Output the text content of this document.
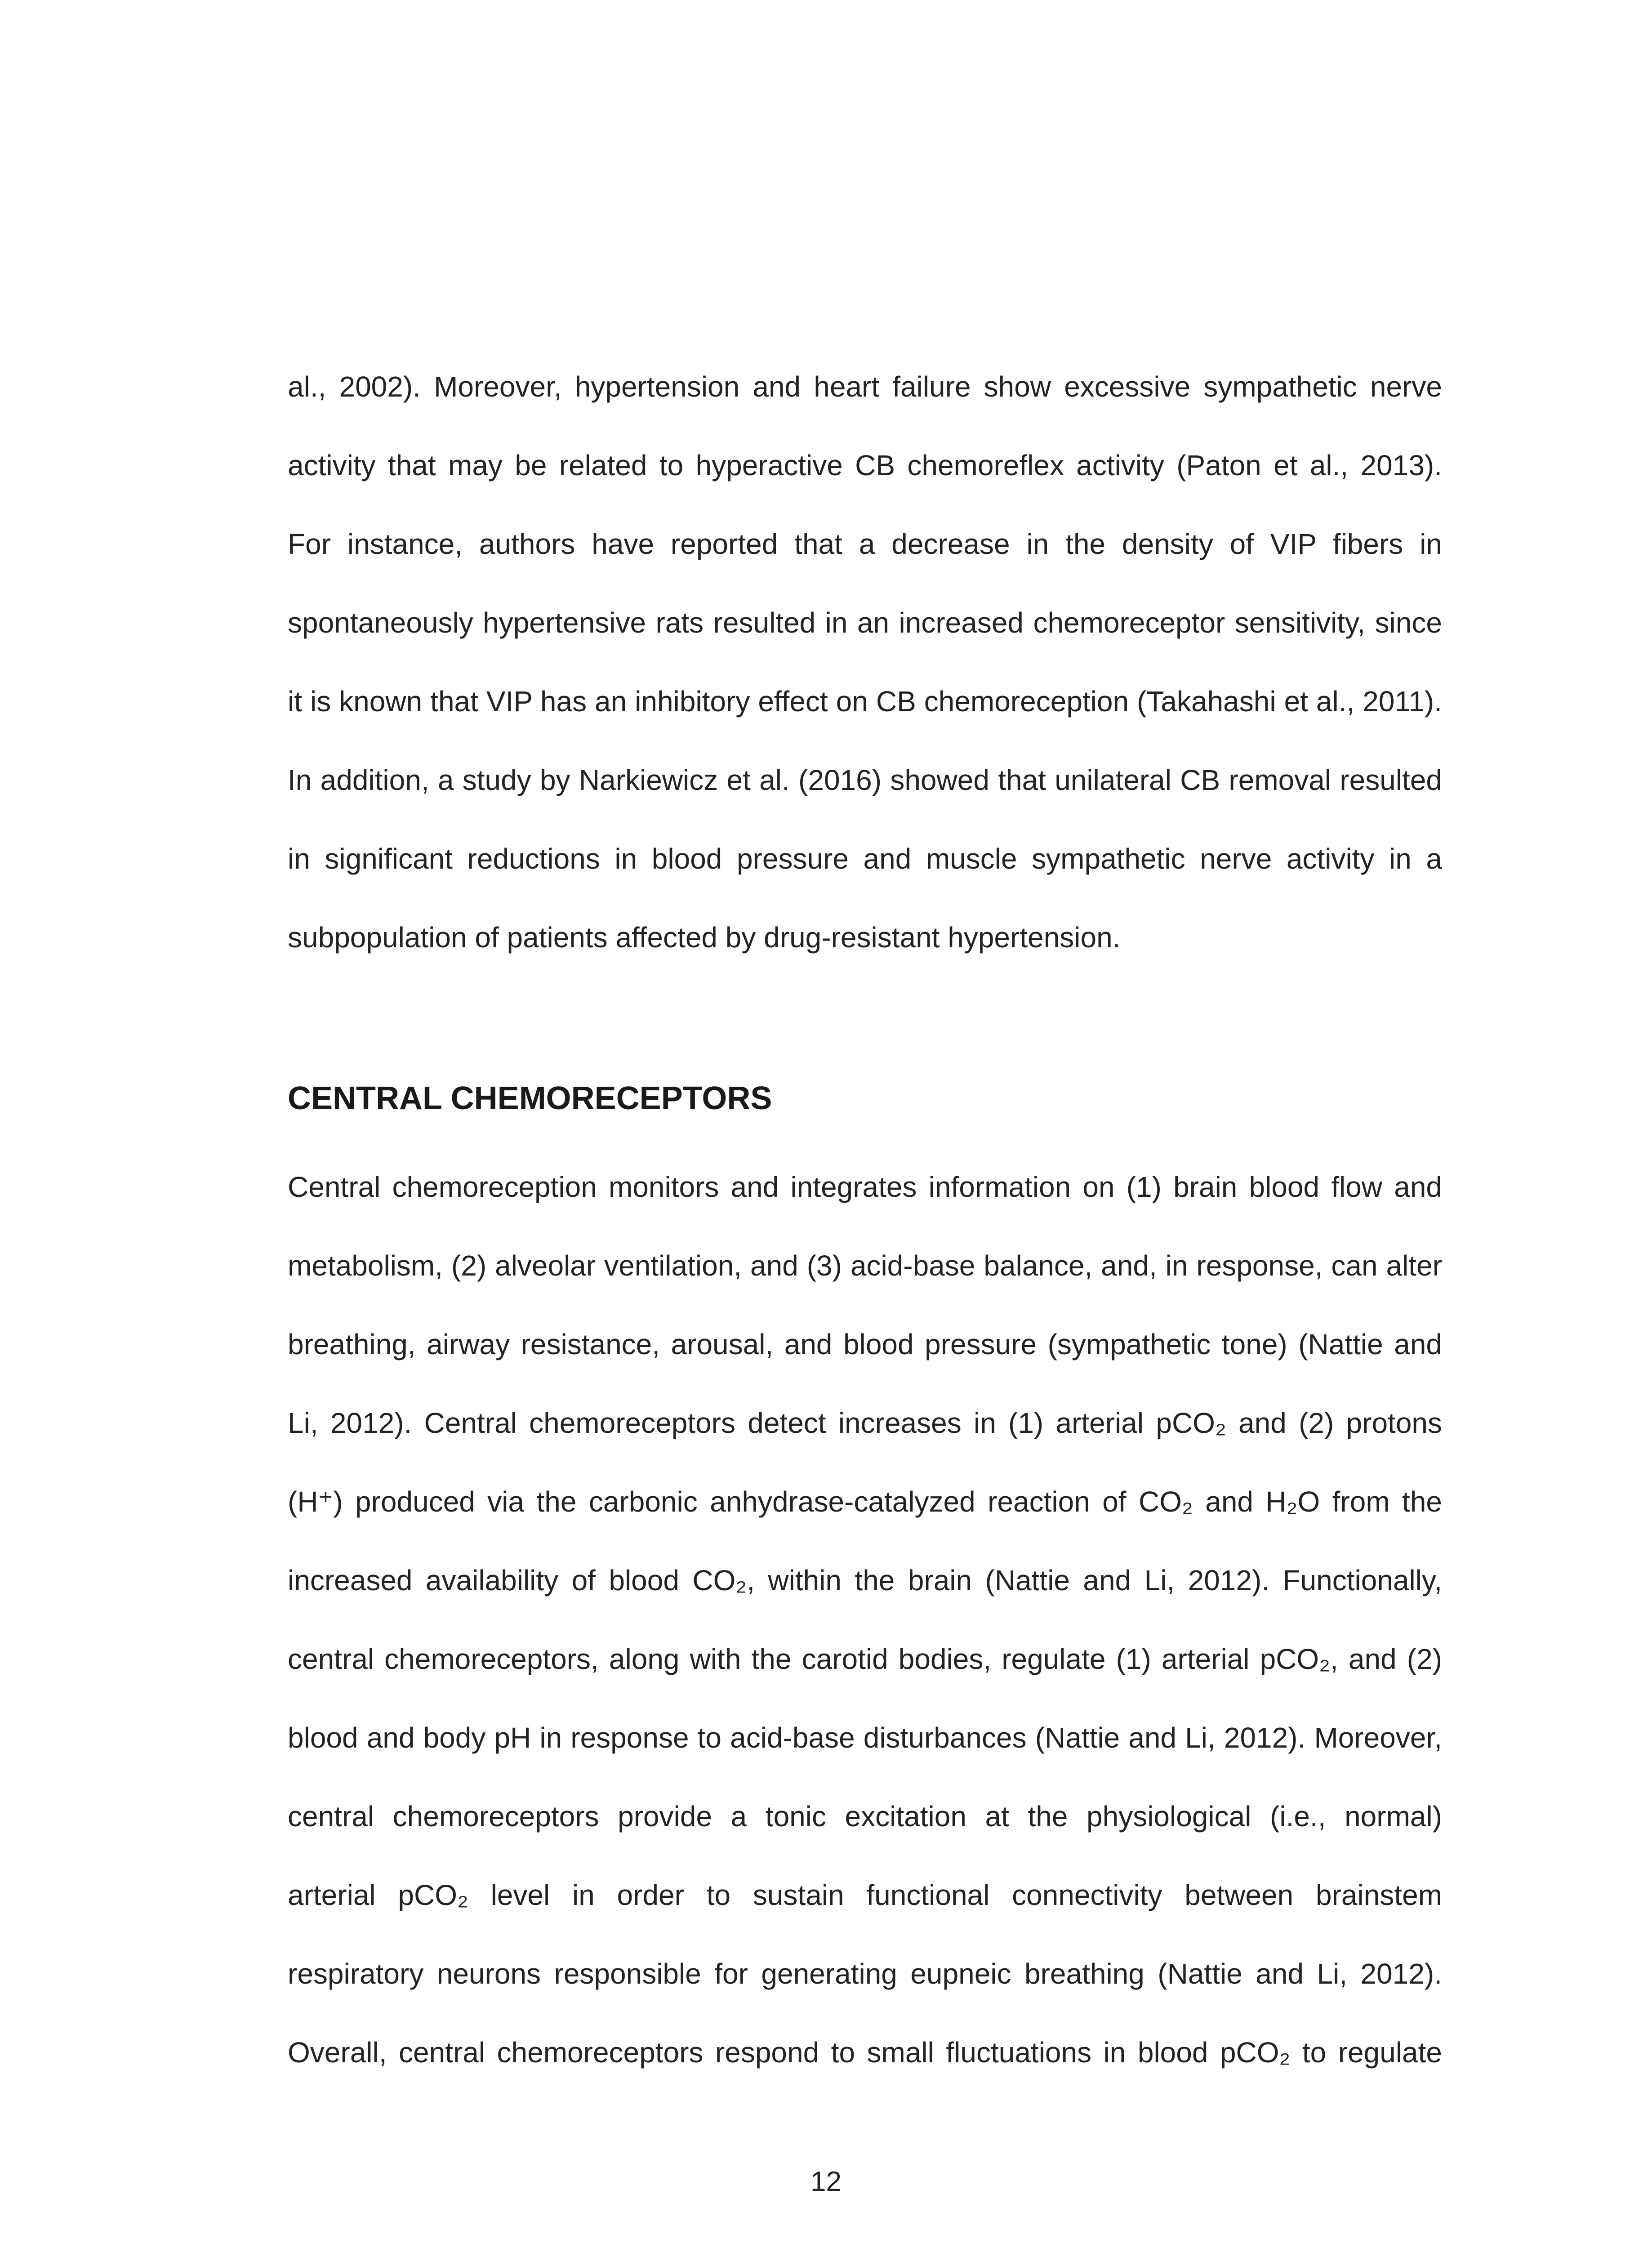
al., 2002). Moreover, hypertension and heart failure show excessive sympathetic nerve
activity that may be related to hyperactive CB chemoreflex activity (Paton et al., 2013).
For instance, authors have reported that a decrease in the density of VIP fibers in
spontaneously hypertensive rats resulted in an increased chemoreceptor sensitivity, since
it is known that VIP has an inhibitory effect on CB chemoreception (Takahashi et al., 2011).
In addition, a study by Narkiewicz et al. (2016) showed that unilateral CB removal resulted
in significant reductions in blood pressure and muscle sympathetic nerve activity in a
subpopulation of patients affected by drug-resistant hypertension.
CENTRAL CHEMORECEPTORS
Central chemoreception monitors and integrates information on (1) brain blood flow and
metabolism, (2) alveolar ventilation, and (3) acid-base balance, and, in response, can alter
breathing, airway resistance, arousal, and blood pressure (sympathetic tone) (Nattie and
Li, 2012). Central chemoreceptors detect increases in (1) arterial pCO₂ and (2) protons
(H⁺) produced via the carbonic anhydrase-catalyzed reaction of CO₂ and H₂O from the
increased availability of blood CO₂, within the brain (Nattie and Li, 2012). Functionally,
central chemoreceptors, along with the carotid bodies, regulate (1) arterial pCO₂, and (2)
blood and body pH in response to acid-base disturbances (Nattie and Li, 2012). Moreover,
central chemoreceptors provide a tonic excitation at the physiological (i.e., normal)
arterial pCO₂ level in order to sustain functional connectivity between brainstem
respiratory neurons responsible for generating eupneic breathing (Nattie and Li, 2012).
Overall, central chemoreceptors respond to small fluctuations in blood pCO₂ to regulate
12
